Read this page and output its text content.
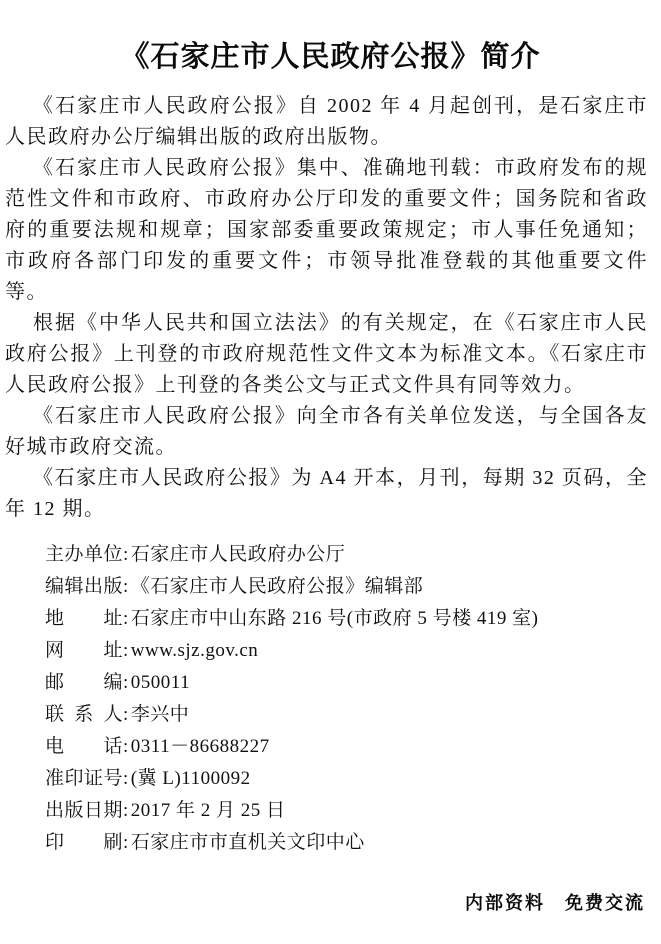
《石家庄市人民政府公报》简介

《石家庄市人民政府公报》自 2002 年 4 月起创刊，是石家庄市人民政府办公厅编辑出版的政府出版物。

《石家庄市人民政府公报》集中、准确地刊载：市政府发布的规范性文件和市政府、市政府办公厅印发的重要文件；国务院和省政府的重要法规和规章；国家部委重要政策规定；市人事任免通知；市政府各部门印发的重要文件；市领导批准登载的其他重要文件等。

根据《中华人民共和国立法法》的有关规定，在《石家庄市人民政府公报》上刊登的市政府规范性文件文本为标准文本。《石家庄市人民政府公报》上刊登的各类公文与正式文件具有同等效力。

《石家庄市人民政府公报》向全市各有关单位发送，与全国各友好城市政府交流。

《石家庄市人民政府公报》为 A4 开本，月刊，每期 32 页码，全年 12 期。

主办单位: 石家庄市人民政府办公厅
编辑出版: 《石家庄市人民政府公报》编辑部
地址: 石家庄市中山东路 216 号(市政府 5 号楼 419 室)
网址: www.sjz.gov.cn
邮编: 050011
联系人: 李兴中
电话: 0311－86688227
准印证号: (冀 L)1100092
出版日期: 2017 年 2 月 25 日
印刷: 石家庄市市直机关文印中心
内部资料　免费交流
